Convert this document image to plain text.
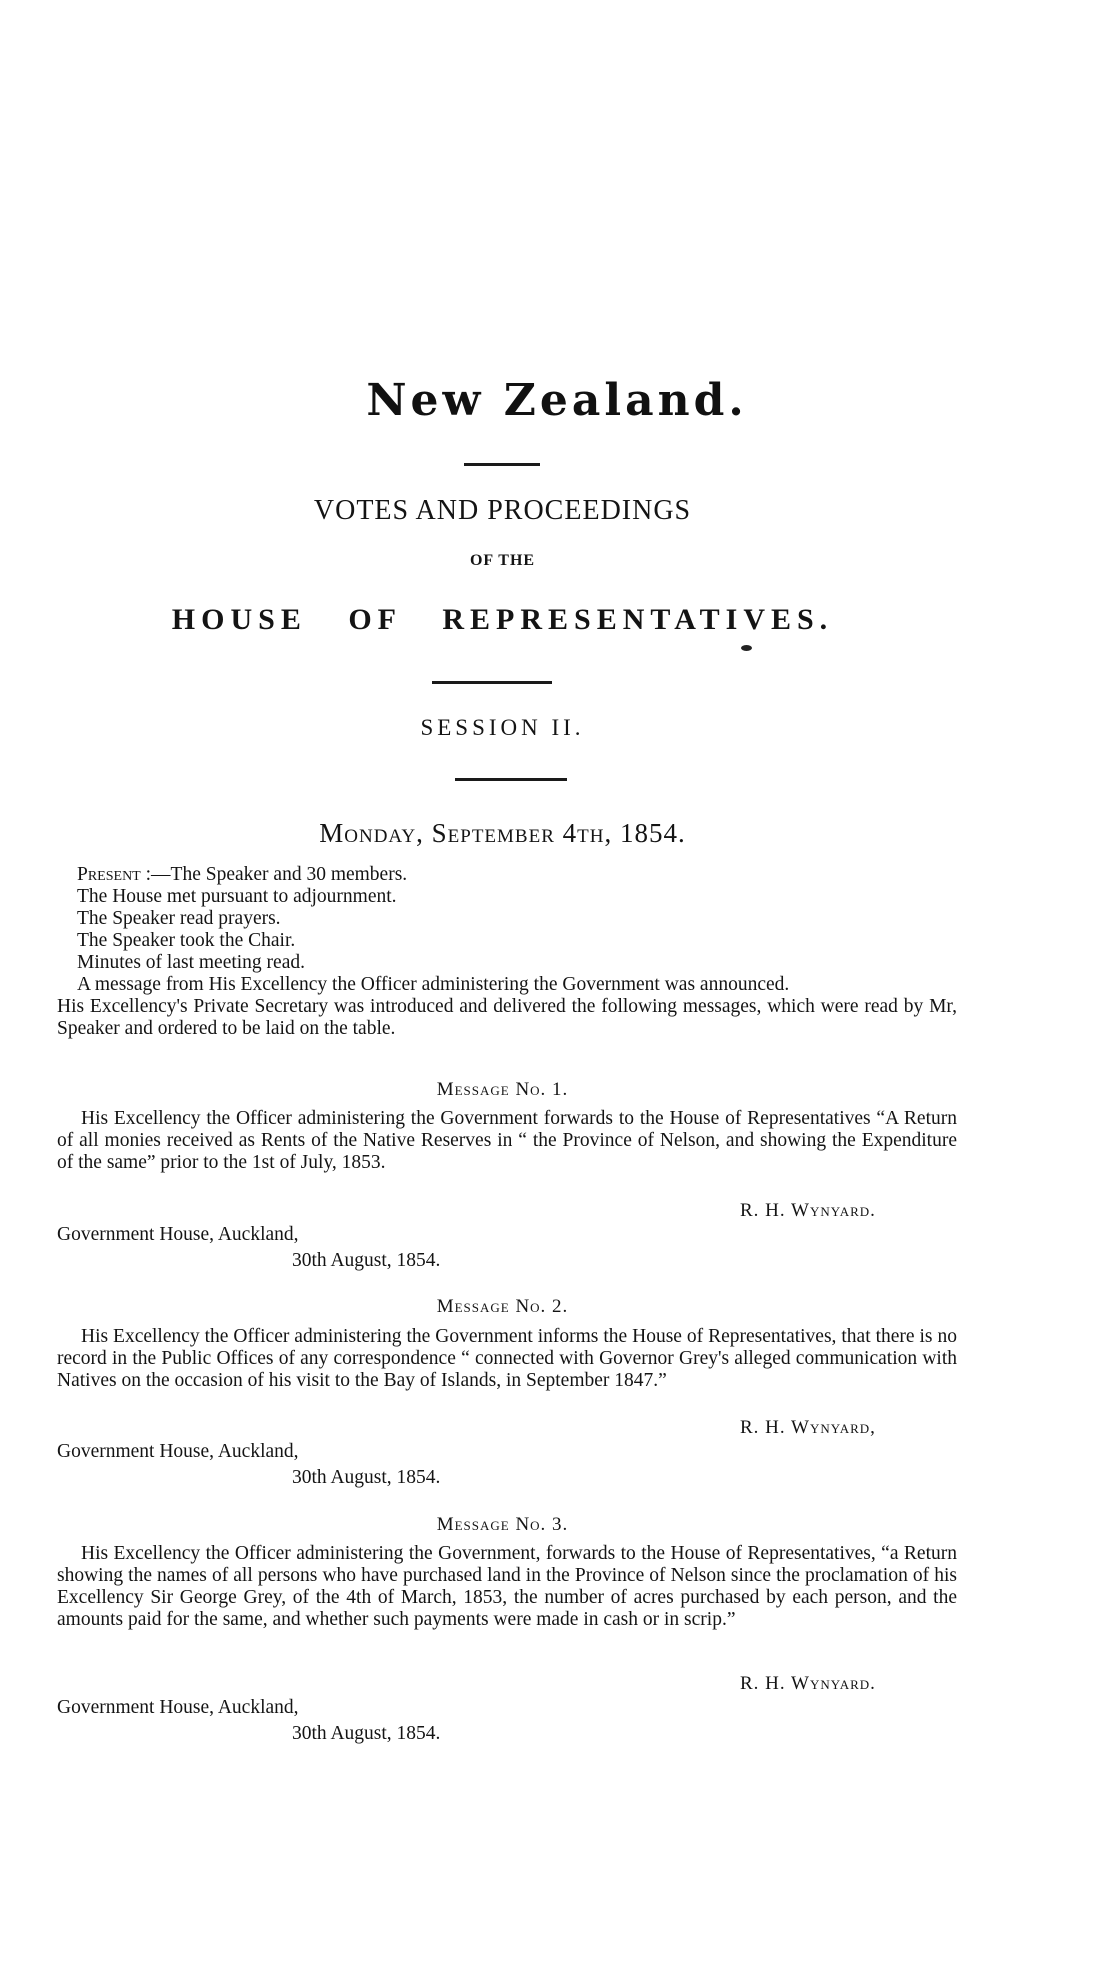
New Zealand.
VOTES AND PROCEEDINGS
OF THE
HOUSE OF REPRESENTATIVES.
SESSION II.
Monday, September 4th, 1854.
Present :—The Speaker and 30 members.
The House met pursuant to adjournment.
The Speaker read prayers.
The Speaker took the Chair.
Minutes of last meeting read.
A message from His Excellency the Officer administering the Government was announced.
His Excellency's Private Secretary was introduced and delivered the following messages, which were read by Mr, Speaker and ordered to be laid on the table.
Message No. 1.
His Excellency the Officer administering the Government forwards to the House of Representatives “A Return of all monies received as Rents of the Native Reserves in “ the Province of Nelson, and showing the Expenditure of the same” prior to the 1st of July, 1853.
R. H. Wynyard.
Government House, Auckland,
30th August, 1854.
Message No. 2.
His Excellency the Officer administering the Government informs the House of Representatives, that there is no record in the Public Offices of any correspondence “ connected with Governor Grey's alleged communication with Natives on the occasion of his visit to the Bay of Islands, in September 1847.”
R. H. Wynyard,
Government House, Auckland,
30th August, 1854.
Message No. 3.
His Excellency the Officer administering the Government, forwards to the House of Representatives, “a Return showing the names of all persons who have purchased land in the Province of Nelson since the proclamation of his Excellency Sir George Grey, of the 4th of March, 1853, the number of acres purchased by each person, and the amounts paid for the same, and whether such payments were made in cash or in scrip.”
R. H. Wynyard.
Government House, Auckland,
30th August, 1854.
